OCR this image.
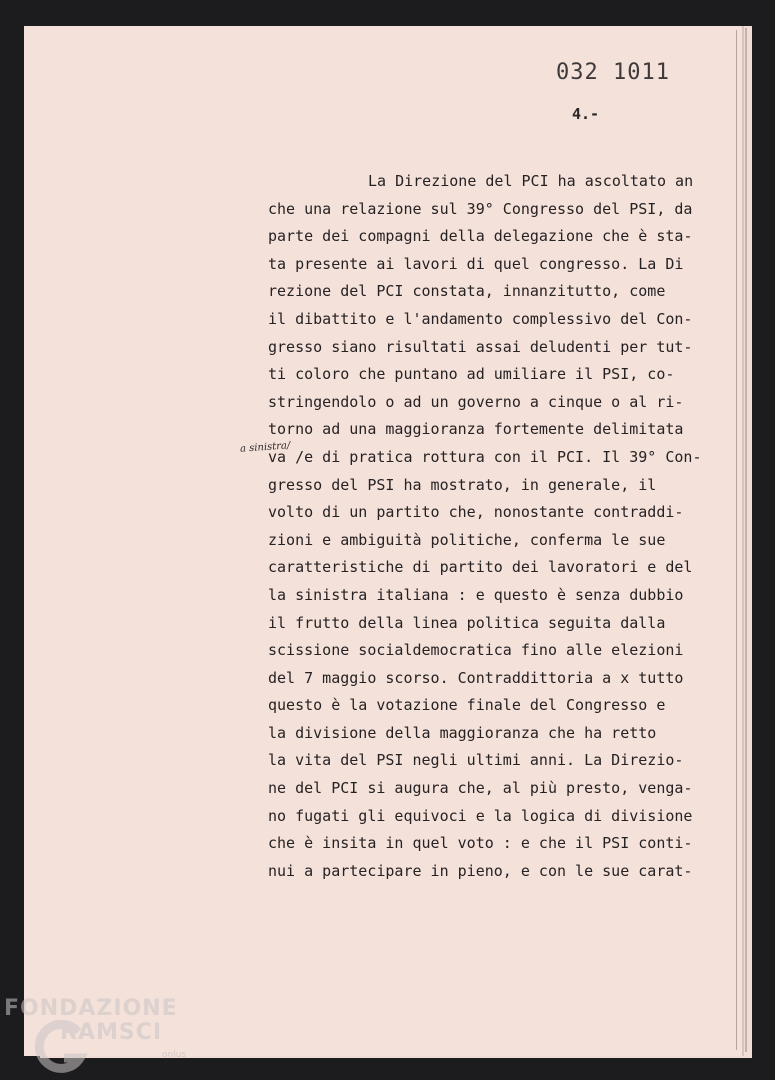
032 1011
4.-
a sinistra/
La Direzione del PCI ha ascoltato an
che una relazione sul 39° Congresso del PSI, da
parte dei compagni della delegazione che è sta-
ta presente ai lavori di quel congresso. La Di
rezione del PCI constata, innanzitutto, come
il dibattito e l'andamento complessivo del Con-
gresso siano risultati assai deludenti per tut-
ti coloro che puntano ad umiliare il PSI, co-
stringendolo o ad un governo a cinque o al ri-
torno ad una maggioranza fortemente delimitata
va /e di pratica rottura con il PCI. Il 39° Con-
gresso del PSI ha mostrato, in generale, il
volto di un partito che, nonostante contraddi-
zioni e ambiguità politiche, conferma le sue
caratteristiche di partito dei lavoratori e del
la sinistra italiana : e questo è senza dubbio
il frutto della linea politica seguita dalla
scissione socialdemocratica fino alle elezioni
del 7 maggio scorso. Contraddittoria a x tutto
questo è la votazione finale del Congresso e
la divisione della maggioranza che ha retto
la vita del PSI negli ultimi anni. La Direzio-
ne del PCI si augura che, al più presto, venga-
no fugati gli equivoci e la logica di divisione
che è insita in quel voto : e che il PSI conti-
nui a partecipare in pieno, e con le sue carat-
FONDAZIONE
RAMSCI
onlus
